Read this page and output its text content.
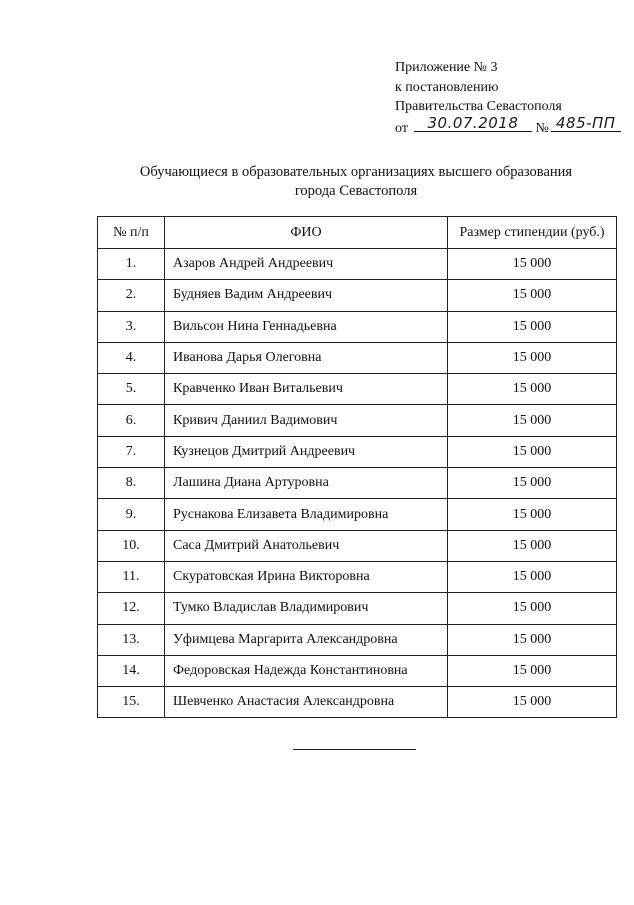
Приложение № 3
к постановлению
Правительства Севастополя
от	30.07.2018	№ 485-ПП
Обучающиеся в образовательных организациях высшего образования
города Севастополя
№ п/п	ФИО	Размер стипендии (руб.)
1.	Азаров Андрей Андреевич	15 000
2.	Будняев Вадим Андреевич	15 000
3.	Вильсон Нина Геннадьевна	15 000
4.	Иванова Дарья Олеговна	15 000
5.	Кравченко Иван Витальевич	15 000
6.	Кривич Даниил Вадимович	15 000
7.	Кузнецов Дмитрий Андреевич	15 000
8.	Лашина Диана Артуровна	15 000
9.	Руснакова Елизавета Владимировна	15 000
10.	Саса Дмитрий Анатольевич	15 000
11.	Скуратовская Ирина Викторовна	15 000
12.	Тумко Владислав Владимирович	15 000
13.	Уфимцева Маргарита Александровна	15 000
14.	Федоровская Надежда Константиновна	15 000
15.	Шевченко Анастасия Александровна	15 000
